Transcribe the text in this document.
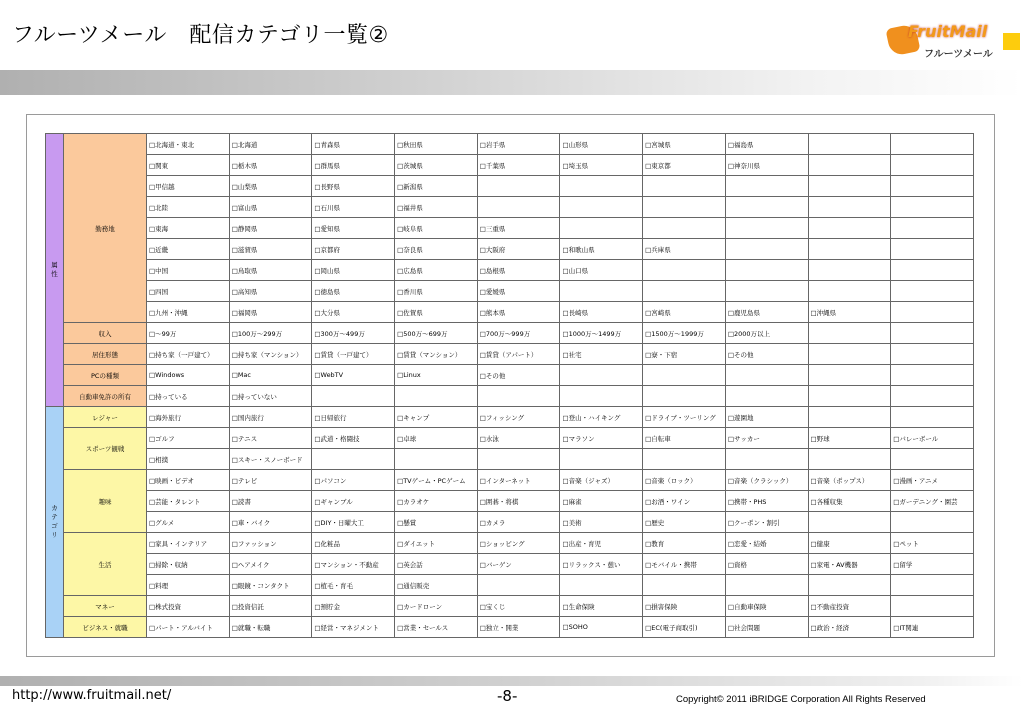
フルーツメール　配信カテゴリ一覧②	FruitMail
フルーツメール
属性	勤務地	□北海道・東北	□北海道	□青森県	□秋田県	□岩手県	□山形県	□宮城県	□福島県		
		□関東	□栃木県	□群馬県	□茨城県	□千葉県	□埼玉県	□東京都	□神奈川県		
		□甲信越	□山梨県	□長野県	□新潟県						
		□北陸	□富山県	□石川県	□福井県						
		□東海	□静岡県	□愛知県	□岐阜県	□三重県					
		□近畿	□滋賀県	□京都府	□奈良県	□大阪府	□和歌山県	□兵庫県			
		□中国	□鳥取県	□岡山県	□広島県	□島根県	□山口県				
		□四国	□高知県	□徳島県	□香川県	□愛媛県					
		□九州・沖縄	□福岡県	□大分県	□佐賀県	□熊本県	□長崎県	□宮崎県	□鹿児島県	□沖縄県	
	収入	□～99万	□100万～299万	□300万～499万	□500万～699万	□700万～999万	□1000万～1499万	□1500万～1999万	□2000万以上		
	居住形態	□持ち家（一戸建て）	□持ち家（マンション）	□賃貸（一戸建て）	□賃貸（マンション）	□賃貸（アパート）	□社宅	□寮・下宿	□その他		
	PCの種類	□Windows	□Mac	□WebTV	□Linux	□その他					
	自動車免許の所有	□持っている	□持っていない								
カテゴリ	レジャー	□海外旅行	□国内旅行	□日帰旅行	□キャンプ	□フィッシング	□登山・ハイキング	□ドライブ・ツーリング	□遊園地		
	スポーツ観戦	□ゴルフ	□テニス	□武道・格闘技	□卓球	□水泳	□マラソン	□自転車	□サッカー	□野球	□バレーボール
		□相撲	□スキー・スノーボード								
	趣味	□映画・ビデオ	□テレビ	□パソコン	□TVゲーム・PCゲーム	□インターネット	□音楽（ジャズ）	□音楽（ロック）	□音楽（クラシック）	□音楽（ポップス）	□漫画・アニメ
		□芸能・タレント	□読書	□ギャンブル	□カラオケ	□囲碁・将棋	□麻雀	□お酒・ワイン	□携帯・PHS	□各種収集	□ガーデニング・園芸
		□グルメ	□車・バイク	□DIY・日曜大工	□懸賞	□カメラ	□美術	□歴史	□クーポン・割引		
	生活	□家具・インテリア	□ファッション	□化粧品	□ダイエット	□ショッピング	□出産・育児	□教育	□恋愛・結婚	□健康	□ペット
		□掃除・収納	□ヘアメイク	□マンション・不動産	□英会話	□バーゲン	□リラックス・憩い	□モバイル・携帯	□資格	□家電・AV機器	□留学
		□料理	□眼鏡・コンタクト	□植毛・育毛	□通信販売						
	マネー	□株式投資	□投資信託	□預貯金	□カードローン	□宝くじ	□生命保険	□損害保険	□自動車保険	□不動産投資	
	ビジネス・就職	□パート・アルバイト	□就職・転職	□経営・マネジメント	□営業・セールス	□独立・開業	□SOHO	□EC(電子商取引)	□社会問題	□政治・経済	□IT関連
http://www.fruitmail.net/	-8-	Copyright© 2011 iBRIDGE Corporation All Rights Reserved
